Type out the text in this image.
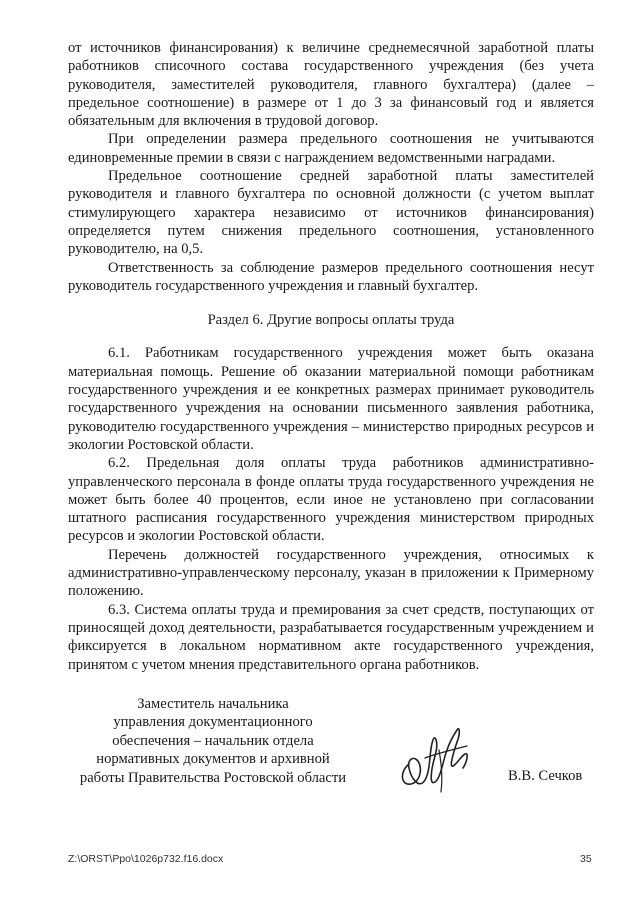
от источников финансирования) к величине среднемесячной заработной платы работников списочного состава государственного учреждения (без учета руководителя, заместителей руководителя, главного бухгалтера) (далее – предельное соотношение) в размере от 1 до 3 за финансовый год и является обязательным для включения в трудовой договор.

При определении размера предельного соотношения не учитываются единовременные премии в связи с награждением ведомственными наградами.

Предельное соотношение средней заработной платы заместителей руководителя и главного бухгалтера по основной должности (с учетом выплат стимулирующего характера независимо от источников финансирования) определяется путем снижения предельного соотношения, установленного руководителю, на 0,5.

Ответственность за соблюдение размеров предельного соотношения несут руководитель государственного учреждения и главный бухгалтер.

Раздел 6. Другие вопросы оплаты труда

6.1. Работникам государственного учреждения может быть оказана материальная помощь. Решение об оказании материальной помощи работникам государственного учреждения и ее конкретных размерах принимает руководитель государственного учреждения на основании письменного заявления работника, руководителю государственного учреждения – министерство природных ресурсов и экологии Ростовской области.

6.2. Предельная доля оплаты труда работников административно-управленческого персонала в фонде оплаты труда государственного учреждения не может быть более 40 процентов, если иное не установлено при согласовании штатного расписания государственного учреждения министерством природных ресурсов и экологии Ростовской области.

Перечень должностей государственного учреждения, относимых к административно-управленческому персоналу, указан в приложении к Примерному положению.

6.3. Система оплаты труда и премирования за счет средств, поступающих от приносящей доход деятельности, разрабатывается государственным учреждением и фиксируется в локальном нормативном акте государственного учреждения, принятом с учетом мнения представительного органа работников.

Заместитель начальника
управления документационного
обеспечения – начальник отдела
нормативных документов и архивной
работы Правительства Ростовской области	В.В. Сечков
Z:\ORST\Ppo\1026p732.f16.docx	35
